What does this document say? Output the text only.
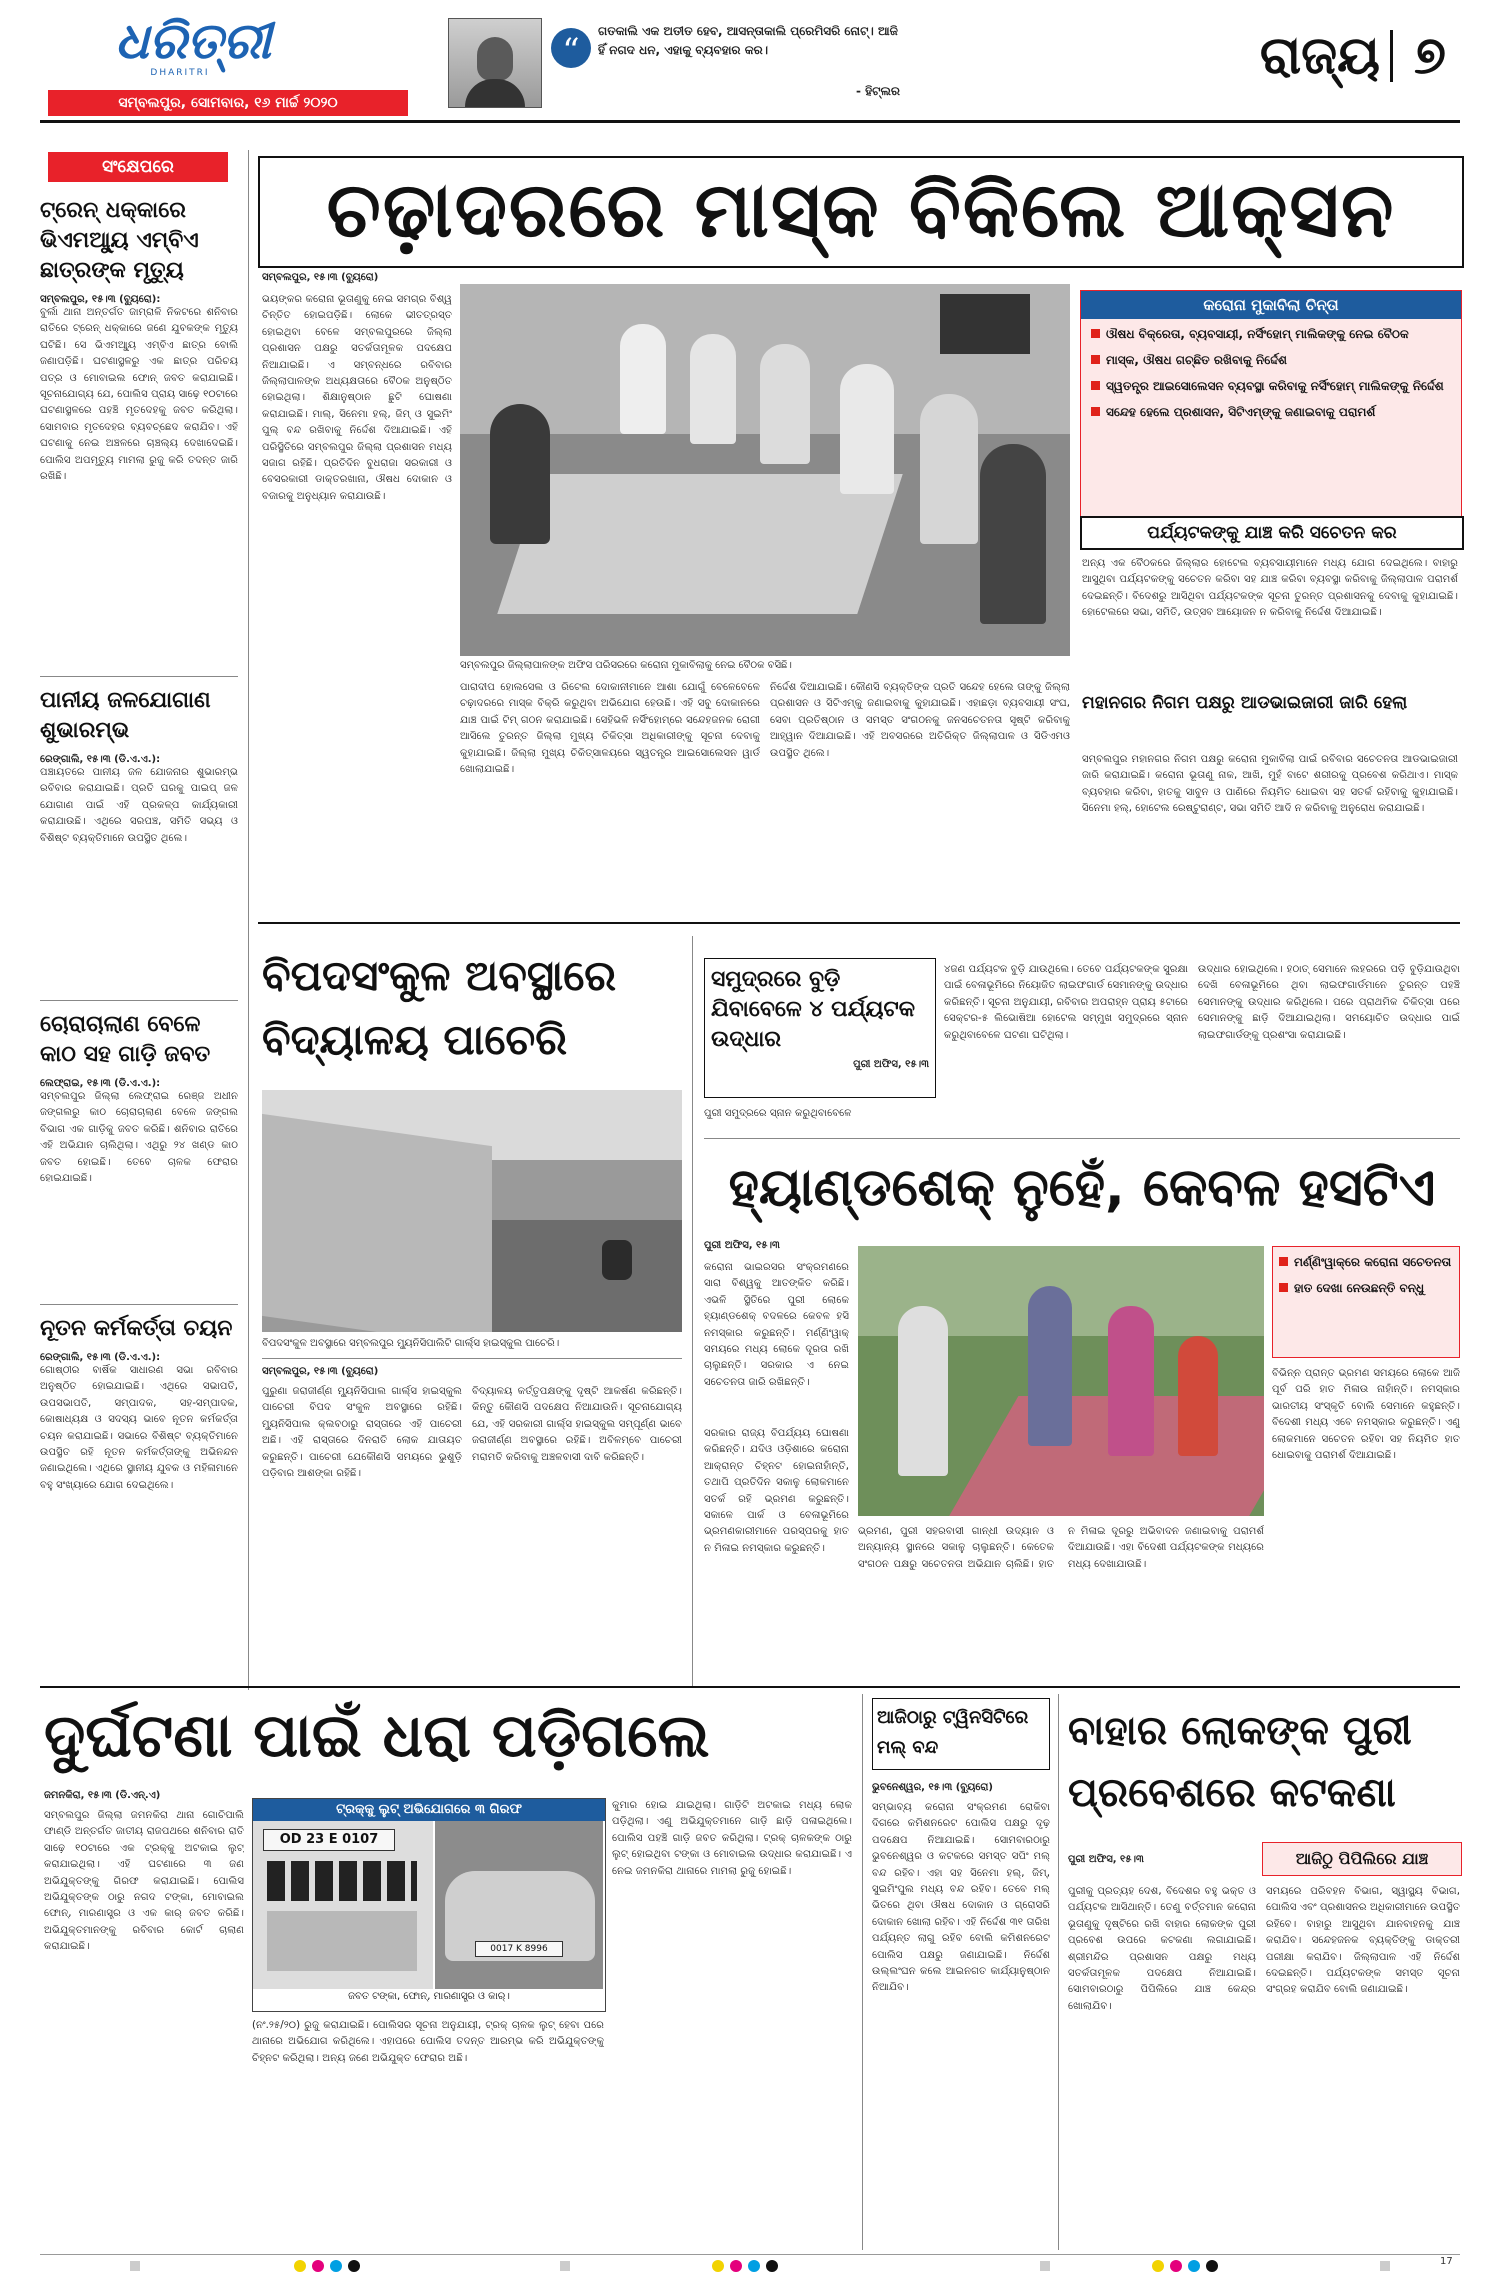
ଧରିତ୍ରୀ
DHARITRI
ସମ୍ବଲପୁର, ସୋମବାର, ୧୬ ମାର୍ଚ୍ଚ ୨୦୨୦
“	ଗତକାଲି ଏକ ଅତୀତ ହେବ, ଆସନ୍ତାକାଲି ପ୍ରେମିସରି ନୋଟ୍। ଆଜି ହିଁ ନଗଦ ଧନ, ଏହାକୁ ବ୍ୟବହାର କର।
- ହିଟ୍ଲର
ରାଜ୍ୟ ୭
ସଂକ୍ଷେପରେ
ଟ୍ରେନ୍ ଧକ୍କାରେ ଭିଏମଆ୍ୟୁ ଏମ୍ବିଏ ଛାତ୍ରଙ୍କ ମୃତ୍ୟୁ
ସମ୍ବଲପୁର, ୧୫।୩ (ବ୍ୟୁରୋ):
ବୁର୍ଲା ଥାନା ଅନ୍ତର୍ଗତ ଜାମ୍ରାଳି ନିକଟରେ ଶନିବାର ରାତିରେ ଟ୍ରେନ୍ ଧକ୍କାରେ ଜଣେ ଯୁବକଙ୍କ ମୃତ୍ୟୁ ଘଟିଛି। ସେ ଭିଏମଆ୍ୟୁ ଏମ୍ବିଏ ଛାତ୍ର ବୋଲି ଜଣାପଡ଼ିଛି। ଘଟଣାସ୍ଥଳରୁ ଏକ ଛାତ୍ର ପରିଚୟ ପତ୍ର ଓ ମୋବାଇଲ ଫୋନ୍ ଜବତ କରାଯାଇଛି। ସୂଚନାଯୋଗ୍ୟ ଯେ, ପୋଲିସ ପ୍ରାୟ ସାଢ଼େ ୧୦ଟାରେ ଘଟଣାସ୍ଥଳରେ ପହଞ୍ଚି ମୃତଦେହକୁ ଜବତ କରିଥିଲା। ସୋମବାର ମୃତଦେହର ବ୍ୟବଚ୍ଛେଦ କରାଯିବ। ଏହି ଘଟଣାକୁ ନେଇ ଅଞ୍ଚଳରେ ଚାଞ୍ଚଲ୍ୟ ଦେଖାଦେଇଛି। ପୋଲିସ ଅପମୃତ୍ୟୁ ମାମଲା ରୁଜୁ କରି ତଦନ୍ତ ଜାରି ରଖିଛି।
ପାନୀୟ ଜଳଯୋଗାଣ ଶୁଭାରମ୍ଭ
ରେଙ୍ଗାଲି, ୧୫।୩ (ଡି.ଏ.ଏ.):
ପଞ୍ଚାୟତରେ ପାନୀୟ ଜଳ ଯୋଜନାର ଶୁଭାରମ୍ଭ ରବିବାର କରାଯାଇଛି। ପ୍ରତି ଘରକୁ ପାଇପ୍ ଜଳ ଯୋଗାଣ ପାଇଁ ଏହି ପ୍ରକଳ୍ପ କାର୍ଯ୍ୟକାରୀ କରାଯାଉଛି। ଏଥିରେ ସରପଞ୍ଚ, ସମିତି ସଭ୍ୟ ଓ ବିଶିଷ୍ଟ ବ୍ୟକ୍ତିମାନେ ଉପସ୍ଥିତ ଥିଲେ।
ଚୋରାଚାଲାଣ ବେଳେ କାଠ ସହ ଗାଡ଼ି ଜବତ
ଲେଫ୍ରାଇ, ୧୫।୩ (ଡି.ଏ.ଏ.):
ସମ୍ବଲପୁର ଜିଲ୍ଲା ଲେଫ୍ରାଇ ରେଞ୍ଜ ଅଧୀନ ଜଙ୍ଗଲରୁ କାଠ ଚୋରାଚାଲାଣ ବେଳେ ଜଙ୍ଗଲ ବିଭାଗ ଏକ ଗାଡ଼ିକୁ ଜବତ କରିଛି। ଶନିବାର ରାତିରେ ଏହି ଅଭିଯାନ ଚାଲିଥିଲା। ଏଥିରୁ ୨୪ ଖଣ୍ଡ କାଠ ଜବତ ହୋଇଛି। ତେବେ ଚାଳକ ଫେରାର ହୋଇଯାଇଛି।
ନୂତନ କର୍ମକର୍ତ୍ତା ଚୟନ
ରେଙ୍ଗାଲି, ୧୫।୩ (ଡି.ଏ.ଏ.):
ଗୋଷ୍ଠୀର ବାର୍ଷିକ ସାଧାରଣ ସଭା ରବିବାର ଅନୁଷ୍ଠିତ ହୋଇଯାଇଛି। ଏଥିରେ ସଭାପତି, ଉପସଭାପତି, ସମ୍ପାଦକ, ସହ-ସମ୍ପାଦକ, କୋଷାଧ୍ୟକ୍ଷ ଓ ସଦସ୍ୟ ଭାବେ ନୂତନ କର୍ମକର୍ତ୍ତା ଚୟନ କରାଯାଇଛି। ସଭାରେ ବିଶିଷ୍ଟ ବ୍ୟକ୍ତିମାନେ ଉପସ୍ଥିତ ରହି ନୂତନ କର୍ମକର୍ତ୍ତାଙ୍କୁ ଅଭିନନ୍ଦନ ଜଣାଇଥିଲେ। ଏଥିରେ ସ୍ଥାନୀୟ ଯୁବକ ଓ ମହିଳାମାନେ ବହୁ ସଂଖ୍ୟାରେ ଯୋଗ ଦେଇଥିଲେ।
ଚଢ଼ାଦରରେ ମାସ୍କ ବିକିଲେ ଆକ୍ସନ
ସମ୍ବଲପୁର, ୧୫।୩ (ବ୍ୟୁରୋ)
ଭୟଙ୍କର କରୋନା ଭୂତାଣୁକୁ ନେଇ ସମଗ୍ର ବିଶ୍ୱ ଚିନ୍ତିତ ହୋଇପଡ଼ିଛି। ଲୋକେ ଭୀତତ୍ରସ୍ତ ହୋଇଥିବା ବେଳେ ସମ୍ବଲପୁରରେ ଜିଲ୍ଲା ପ୍ରଶାସନ ପକ୍ଷରୁ ସତର୍କତାମୂଳକ ପଦକ୍ଷେପ ନିଆଯାଇଛି। ଏ ସମ୍ବନ୍ଧରେ ରବିବାର ଜିଲ୍ଲାପାଳଙ୍କ ଅଧ୍ୟକ୍ଷତାରେ ବୈଠକ ଅନୁଷ୍ଠିତ ହୋଇଥିଲା। ଶିକ୍ଷାନୁଷ୍ଠାନ ଛୁଟି ଘୋଷଣା କରାଯାଇଛି। ମାଲ୍, ସିନେମା ହଲ୍, ଜିମ୍ ଓ ସୁଇମିଂ ପୁଲ୍ ବନ୍ଦ ରଖିବାକୁ ନିର୍ଦ୍ଦେଶ ଦିଆଯାଇଛି। ଏହି ପରିସ୍ଥିତିରେ ସମ୍ବଲପୁର ଜିଲ୍ଲା ପ୍ରଶାସନ ମଧ୍ୟ ସଜାଗ ରହିଛି। ପ୍ରତିଦିନ ବୁଧରାଜା ସରକାରୀ ଓ ବେସରକାରୀ ଡାକ୍ତରଖାନା, ଔଷଧ ଦୋକାନ ଓ ବଜାରକୁ ଅନୁଧ୍ୟାନ କରାଯାଉଛି।
ସମ୍ବଲପୁର ଜିଲ୍ଲାପାଳଙ୍କ ଅଫିସ ପରିସରରେ କରୋନା ମୁକାବିଲାକୁ ନେଇ ବୈଠକ ବସିଛି।
ପାରାଦୀପ ହୋଲସେଲ ଓ ରିଟେଲ ଦୋକାନୀମାନେ ଆଶା ଯୋଗୁଁ ବେଳେବେଳେ ଚଢ଼ାଦରରେ ମାସ୍କ ବିକ୍ରି କରୁଥିବା ଅଭିଯୋଗ ହେଉଛି। ଏହି ସବୁ ଦୋକାନରେ ଯାଞ୍ଚ ପାଇଁ ଟିମ୍ ଗଠନ କରାଯାଇଛି। ସେହିଭଳି ନର୍ସିଂହୋମ୍‌ରେ ସନ୍ଦେହଜନକ ରୋଗୀ ଆସିଲେ ତୁରନ୍ତ ଜିଲ୍ଲା ମୁଖ୍ୟ ଚିକିତ୍ସା ଅଧିକାରୀଙ୍କୁ ସୂଚନା ଦେବାକୁ କୁହାଯାଇଛି। ଜିଲ୍ଲା ମୁଖ୍ୟ ଚିକିତ୍ସାଳୟରେ ସ୍ୱତନ୍ତ୍ର ଆଇସୋଲେସନ ୱାର୍ଡ ଖୋଲାଯାଇଛି।
ନିର୍ଦ୍ଦେଶ ଦିଆଯାଇଛି। କୌଣସି ବ୍ୟକ୍ତିଙ୍କ ପ୍ରତି ସନ୍ଦେହ ହେଲେ ତାଙ୍କୁ ଜିଲ୍ଲା ପ୍ରଶାସନ ଓ ସିଟିଏମ୍‌କୁ ଜଣାଇବାକୁ କୁହାଯାଇଛି। ଏହାଛଡ଼ା ବ୍ୟବସାୟୀ ସଂଘ, ସେବା ପ୍ରତିଷ୍ଠାନ ଓ ସମସ୍ତ ସଂଗଠନକୁ ଜନସଚେତନତା ସୃଷ୍ଟି କରିବାକୁ ଆହ୍ୱାନ ଦିଆଯାଇଛି। ଏହି ଅବସରରେ ଅତିରିକ୍ତ ଜିଲ୍ଲାପାଳ ଓ ସିଡିଏମଓ ଉପସ୍ଥିତ ଥିଲେ।
କରୋନା ମୁକାବିଲା ଚିନ୍ତା
ଔଷଧ ବିକ୍ରେତା, ବ୍ୟବସାୟୀ, ନର୍ସିଂହୋମ୍ ମାଲିକଙ୍କୁ ନେଇ ବୈଠକ
ମାସ୍କ, ଔଷଧ ଗଚ୍ଛିତ ରଖିବାକୁ ନିର୍ଦ୍ଦେଶ
ସ୍ୱତନ୍ତ୍ର ଆଇସୋଲେସନ ବ୍ୟବସ୍ଥା କରିବାକୁ ନର୍ସିଂହୋମ୍ ମାଲିକଙ୍କୁ ନିର୍ଦ୍ଦେଶ
ସନ୍ଦେହ ହେଲେ ପ୍ରଶାସନ, ସିଟିଏମ୍‌ଙ୍କୁ ଜଣାଇବାକୁ ପରାମର୍ଶ
ପର୍ଯ୍ୟଟକଙ୍କୁ ଯାଞ୍ଚ କରି ସଚେତନ କର
ଅନ୍ୟ ଏକ ବୈଠକରେ ଜିଲ୍ଲାର ହୋଟେଲ ବ୍ୟବସାୟୀମାନେ ମଧ୍ୟ ଯୋଗ ଦେଇଥିଲେ। ବାହାରୁ ଆସୁଥିବା ପର୍ଯ୍ୟଟକଙ୍କୁ ସଚେତନ କରିବା ସହ ଯାଞ୍ଚ କରିବା ବ୍ୟବସ୍ଥା କରିବାକୁ ଜିଲ୍ଲାପାଳ ପରାମର୍ଶ ଦେଇଛନ୍ତି। ବିଦେଶରୁ ଆସିଥିବା ପର୍ଯ୍ୟଟକଙ୍କ ସୂଚନା ତୁରନ୍ତ ପ୍ରଶାସନକୁ ଦେବାକୁ କୁହାଯାଇଛି। ହୋଟେଲରେ ସଭା, ସମିତି, ଉତ୍ସବ ଆୟୋଜନ ନ କରିବାକୁ ନିର୍ଦ୍ଦେଶ ଦିଆଯାଇଛି।
ମହାନଗର ନିଗମ ପକ୍ଷରୁ ଆଡଭାଇଜାରୀ ଜାରି ହେଲା
ସମ୍ବଲପୁର ମହାନଗର ନିଗମ ପକ୍ଷରୁ କରୋନା ମୁକାବିଲା ପାଇଁ ରବିବାର ସଚେତନତା ଆଡଭାଇଜାରୀ ଜାରି କରାଯାଇଛି। କରୋନା ଭୂତାଣୁ ନାକ, ଆଖି, ମୁହଁ ବାଟେ ଶରୀରକୁ ପ୍ରବେଶ କରିଥାଏ। ମାସ୍କ ବ୍ୟବହାର କରିବା, ହାତକୁ ସାବୁନ ଓ ପାଣିରେ ନିୟମିତ ଧୋଇବା ସହ ସତର୍କ ରହିବାକୁ କୁହାଯାଇଛି। ସିନେମା ହଲ୍, ହୋଟେଲ ରେଷ୍ଟୁରାଣ୍ଟ, ସଭା ସମିତି ଆଦି ନ କରିବାକୁ ଅନୁରୋଧ କରାଯାଇଛି।
ବିପଦସଂକୁଳ ଅବସ୍ଥାରେ ବିଦ୍ୟାଳୟ ପାଚେରି
ବିପଦସଂକୁଳ ଅବସ୍ଥାରେ ସମ୍ବଲପୁର ମ୍ୟୁନିସିପାଲିଟି ଗାର୍ଲ୍ସ ହାଇସ୍କୁଲ ପାଚେରି।
ସମ୍ବଲପୁର, ୧୫।୩ (ବ୍ୟୁରୋ)
ପୁରୁଣା ଜରାଜୀର୍ଣ୍ଣ ମ୍ୟୁନିସିପାଲ ଗାର୍ଲ୍ସ ହାଇସ୍କୁଲ ପାଚେରୀ ବିପଦ ସଂକୁଳ ଅବସ୍ଥାରେ ରହିଛି। ମ୍ୟୁନିସିପାଲ କ୍ଲବଠାରୁ ରାସ୍ତାରେ ଏହି ପାଚେରୀ ଅଛି। ଏହି ରାସ୍ତାରେ ଦିନରାତି ଲୋକ ଯାତାୟତ କରୁଛନ୍ତି। ପାଚେରୀ ଯେକୌଣସି ସମୟରେ ଭୁଶୁଡ଼ି ପଡ଼ିବାର ଆଶଙ୍କା ରହିଛି।
ବିଦ୍ୟାଳୟ କର୍ତ୍ତୃପକ୍ଷଙ୍କୁ ଦୃଷ୍ଟି ଆକର୍ଷଣ କରିଛନ୍ତି। କିନ୍ତୁ କୌଣସି ପଦକ୍ଷେପ ନିଆଯାଉନି। ସୂଚନାଯୋଗ୍ୟ ଯେ, ଏହି ସରକାରୀ ଗାର୍ଲ୍ସ ହାଇସ୍କୁଲ ସମ୍ପୂର୍ଣ୍ଣ ଭାବେ ଜରାଜୀର୍ଣ୍ଣ ଅବସ୍ଥାରେ ରହିଛି। ଅବିଳମ୍ବେ ପାଚେରୀ ମରାମତି କରିବାକୁ ଅଞ୍ଚଳବାସୀ ଦାବି କରିଛନ୍ତି।
ସମୁଦ୍ରରେ ବୁଡ଼ି ଯିବାବେଳେ ୪ ପର୍ଯ୍ୟଟକ ଉଦ୍ଧାର
ପୁରୀ ଅଫିସ, ୧୫।୩
ପୁରୀ ସମୁଦ୍ରରେ ସ୍ନାନ କରୁଥିବାବେଳେ
୪ଜଣ ପର୍ଯ୍ୟଟକ ବୁଡ଼ି ଯାଉଥିଲେ। ତେବେ ପର୍ଯ୍ୟଟକଙ୍କ ସୁରକ୍ଷା ପାଇଁ ବେଳାଭୂମିରେ ନିୟୋଜିତ ଲାଇଫଗାର୍ଡ ସେମାନଙ୍କୁ ଉଦ୍ଧାର କରିଛନ୍ତି। ସୂଚନା ଅନୁଯାୟୀ, ରବିବାର ଅପରାହ୍ନ ପ୍ରାୟ ୫ଟାରେ ସେକ୍ଟର-୫ ଲିଭୋଷିଆ ହୋଟେଲ ସମ୍ମୁଖ ସମୁଦ୍ରରେ ସ୍ନାନ କରୁଥିବାବେଳେ ଘଟଣା ଘଟିଥିଲା।
ଉଦ୍ଧାର ହୋଇଥିଲେ। ହଠାତ୍ ସେମାନେ ଲହରରେ ପଡ଼ି ବୁଡ଼ିଯାଉଥିବା ଦେଖି ବେଳାଭୂମିରେ ଥିବା ଲାଇଫଗାର୍ଡମାନେ ତୁରନ୍ତ ପହଞ୍ଚି ସେମାନଙ୍କୁ ଉଦ୍ଧାର କରିଥିଲେ। ପରେ ପ୍ରାଥମିକ ଚିକିତ୍ସା ପରେ ସେମାନଙ୍କୁ ଛାଡ଼ି ଦିଆଯାଇଥିଲା। ସମୟୋଚିତ ଉଦ୍ଧାର ପାଇଁ ଲାଇଫଗାର୍ଡଙ୍କୁ ପ୍ରଶଂସା କରାଯାଇଛି।
ହ୍ୟାଣ୍ଡଶେକ୍ ନୁହେଁ, କେବଳ ହସଟିଏ
ପୁରୀ ଅଫିସ, ୧୫।୩
କରୋନା ଭାଇରସର ସଂକ୍ରମଣରେ ସାରା ବିଶ୍ୱକୁ ଆତଙ୍କିତ କରିଛି। ଏଭଳି ସ୍ଥିତିରେ ପୁରୀ ଲୋକେ ହ୍ୟାଣ୍ଡଶେକ୍ ବଦଳରେ କେବଳ ହସି ନମସ୍କାର କରୁଛନ୍ତି। ମର୍ଣ୍ଣିଂୱାକ୍ ସମୟରେ ମଧ୍ୟ ଲୋକେ ଦୂରତା ରଖି ଚାଲୁଛନ୍ତି। ସରକାର ଏ ନେଇ ସଚେତନତା ଜାରି ରଖିଛନ୍ତି।
ମର୍ଣ୍ଣିଂୱାକ୍‌ରେ କରୋନା ସଚେତନତା
ହାତ ଦେଖା ନେଉଛନ୍ତି ବନ୍ଧୁ
ବିଭିନ୍ନ ପ୍ରାନ୍ତ ଭ୍ରମଣ ସମୟରେ ଲୋକେ ଆଜି ପୂର୍ବ ପରି ହାତ ମିଳାଉ ନାହାଁନ୍ତି। ନମସ୍କାର ଭାରତୀୟ ସଂସ୍କୃତି ବୋଲି ସେମାନେ କହୁଛନ୍ତି। ବିଦେଶୀ ମଧ୍ୟ ଏବେ ନମସ୍କାର କରୁଛନ୍ତି। ଏଣୁ ଲୋକମାନେ ସଚେତନ ରହିବା ସହ ନିୟମିତ ହାତ ଧୋଇବାକୁ ପରାମର୍ଶ ଦିଆଯାଇଛି।
ସରକାର ରାଜ୍ୟ ବିପର୍ଯ୍ୟୟ ଘୋଷଣା କରିଛନ୍ତି। ଯଦିଓ ଓଡ଼ିଶାରେ କରୋନା ଆକ୍ରାନ୍ତ ଚିହ୍ନଟ ହୋଇନାହାଁନ୍ତି, ତଥାପି ପ୍ରତିଦିନ ସକାଳୁ ଲୋକମାନେ ସତର୍କ ରହି ଭ୍ରମଣ କରୁଛନ୍ତି। ସକାଳେ ପାର୍କ ଓ ବେଳାଭୂମିରେ ଭ୍ରମଣକାରୀମାନେ ପରସ୍ପରକୁ ହାତ ନ ମିଳାଇ ନମସ୍କାର କରୁଛନ୍ତି।
ଭ୍ରମଣ, ପୁରୀ ସହରବାସୀ ଗାନ୍ଧୀ ଉଦ୍ୟାନ ଓ ଅନ୍ୟାନ୍ୟ ସ୍ଥାନରେ ସକାଳୁ ଚାଲୁଛନ୍ତି। କେତେକ ସଂଗଠନ ପକ୍ଷରୁ ସଚେତନତା ଅଭିଯାନ ଚାଲିଛି। ହାତ ନ ମିଳାଇ ଦୂରରୁ ଅଭିବାଦନ ଜଣାଇବାକୁ ପରାମର୍ଶ ଦିଆଯାଉଛି। ଏହା ବିଦେଶୀ ପର୍ଯ୍ୟଟକଙ୍କ ମଧ୍ୟରେ ମଧ୍ୟ ଦେଖାଯାଉଛି।
ଦୁର୍ଘଟଣା ପାଇଁ ଧରା ପଡ଼ିଗଲେ
ଜମନକିରା, ୧୫।୩ (ଡି.ଏନ୍.ଏ)
ସମ୍ବଲପୁର ଜିଲ୍ଲା ଜମନକିରା ଥାନା ଗୋଚିପାଲି ଫାଣ୍ଡି ଅନ୍ତର୍ଗତ ଜାତୀୟ ରାଜପଥରେ ଶନିବାର ରାତି ସାଢ଼େ ୧୦ଟାରେ ଏକ ଟ୍ରକ୍‌କୁ ଅଟକାଇ ଲୁଟ୍ କରାଯାଇଥିଲା। ଏହି ଘଟଣାରେ ୩ ଜଣ ଅଭିଯୁକ୍ତଙ୍କୁ ଗିରଫ କରାଯାଇଛି। ପୋଲିସ ଅଭିଯୁକ୍ତଙ୍କ ଠାରୁ ନଗଦ ଟଙ୍କା, ମୋବାଇଲ ଫୋନ୍, ମାରଣାସ୍ତ୍ର ଓ ଏକ କାର୍ ଜବତ କରିଛି। ଅଭିଯୁକ୍ତମାନଙ୍କୁ ରବିବାର କୋର୍ଟ ଚାଲାଣ କରାଯାଇଛି।
ଟ୍ରକ୍‌କୁ ଲୁଟ୍ ଅଭିଯୋଗରେ ୩ ଗିରଫ
OD 23 E 0107
0017 K 8996
ଜବତ ଟଙ୍କା, ଫୋନ୍, ମାରଣାସ୍ତ୍ର ଓ କାର୍।
(ନଂ.୨୫/୨୦) ରୁଜୁ କରାଯାଇଛି। ପୋଲିସର ସୂଚନା ଅନୁଯାୟୀ, ଟ୍ରକ୍ ଚାଳକ ଲୁଟ୍ ହେବା ପରେ ଥାନାରେ ଅଭିଯୋଗ କରିଥିଲେ। ଏହାପରେ ପୋଲିସ ତଦନ୍ତ ଆରମ୍ଭ କରି ଅଭିଯୁକ୍ତଙ୍କୁ ଚିହ୍ନଟ କରିଥିଲା। ଅନ୍ୟ ଜଣେ ଅଭିଯୁକ୍ତ ଫେରାର ଅଛି।
କୁମାର ହୋଇ ଯାଇଥିଲା। ଗାଡ଼ିଟି ଅଟକାଇ ମଧ୍ୟ ଲୋକ ପଡ଼ିଥିଲା। ଏଣୁ ଅଭିଯୁକ୍ତମାନେ ଗାଡ଼ି ଛାଡ଼ି ପଳାଇଥିଲେ। ପୋଲିସ ପହଞ୍ଚି ଗାଡ଼ି ଜବତ କରିଥିଲା। ଟ୍ରକ୍ ଚାଳକଙ୍କ ଠାରୁ ଲୁଟ୍ ହୋଇଥିବା ଟଙ୍କା ଓ ମୋବାଇଲ ଉଦ୍ଧାର କରାଯାଇଛି। ଏ ନେଇ ଜମନକିରା ଥାନାରେ ମାମଲା ରୁଜୁ ହୋଇଛି।
ଆଜିଠାରୁ ଟ୍ୱିନସିଟିରେ ମଲ୍ ବନ୍ଦ
ଭୁବନେଶ୍ୱର, ୧୫।୩ (ବ୍ୟୁରୋ)
ସମ୍ଭାବ୍ୟ କରୋନା ସଂକ୍ରମଣ ରୋକିବା ଦିଗରେ କମିଶନରେଟ ପୋଲିସ ପକ୍ଷରୁ ଦୃଢ଼ ପଦକ୍ଷେପ ନିଆଯାଇଛି। ସୋମବାରଠାରୁ ଭୁବନେଶ୍ୱର ଓ କଟକରେ ସମସ୍ତ ସପିଂ ମଲ୍ ବନ୍ଦ ରହିବ। ଏହା ସହ ସିନେମା ହଲ୍, ଜିମ୍, ସୁଇମିଂପୁଲ ମଧ୍ୟ ବନ୍ଦ ରହିବ। ତେବେ ମଲ୍ ଭିତରେ ଥିବା ଔଷଧ ଦୋକାନ ଓ ଗ୍ରୋସରି ଦୋକାନ ଖୋଲା ରହିବ। ଏହି ନିର୍ଦ୍ଦେଶ ୩୧ ତାରିଖ ପର୍ଯ୍ୟନ୍ତ ଲାଗୁ ରହିବ ବୋଲି କମିଶନରେଟ ପୋଲିସ ପକ୍ଷରୁ ଜଣାଯାଇଛି। ନିର୍ଦ୍ଦେଶ ଉଲ୍ଲଂଘନ କଲେ ଆଇନଗତ କାର୍ଯ୍ୟାନୁଷ୍ଠାନ ନିଆଯିବ।
ବାହାର ଲୋକଙ୍କ ପୁରୀ ପ୍ରବେଶରେ କଟକଣା
ପୁରୀ ଅଫିସ, ୧୫।୩	ଆଜିଠୁ ପିପିଲିରେ ଯାଞ୍ଚ
ପୁରୀକୁ ପ୍ରତ୍ୟହ ଦେଶ, ବିଦେଶର ବହୁ ଭକ୍ତ ଓ ପର୍ଯ୍ୟଟକ ଆସିଥାନ୍ତି। ତେଣୁ ବର୍ତ୍ତମାନ କରୋନା ଭୂତାଣୁକୁ ଦୃଷ୍ଟିରେ ରଖି ବାହାର ଲୋକଙ୍କ ପୁରୀ ପ୍ରବେଶ ଉପରେ କଟକଣା ଲଗାଯାଇଛି। ଶ୍ରୀମନ୍ଦିର ପ୍ରଶାସନ ପକ୍ଷରୁ ମଧ୍ୟ ସତର୍କତାମୂଳକ ପଦକ୍ଷେପ ନିଆଯାଇଛି। ସୋମବାରଠାରୁ ପିପିଲିରେ ଯାଞ୍ଚ କେନ୍ଦ୍ର ଖୋଲାଯିବ।
ସମୟରେ ପରିବହନ ବିଭାଗ, ସ୍ୱାସ୍ଥ୍ୟ ବିଭାଗ, ପୋଲିସ ଏବଂ ପ୍ରଶାସନର ଅଧିକାରୀମାନେ ଉପସ୍ଥିତ ରହିବେ। ବାହାରୁ ଆସୁଥିବା ଯାନବାହନକୁ ଯାଞ୍ଚ କରାଯିବ। ସନ୍ଦେହଜନକ ବ୍ୟକ୍ତିଙ୍କୁ ଡାକ୍ତରୀ ପରୀକ୍ଷା କରାଯିବ। ଜିଲ୍ଲାପାଳ ଏହି ନିର୍ଦ୍ଦେଶ ଦେଇଛନ୍ତି। ପର୍ଯ୍ୟଟକଙ୍କ ସମସ୍ତ ସୂଚନା ସଂଗ୍ରହ କରାଯିବ ବୋଲି ଜଣାଯାଇଛି।
17
